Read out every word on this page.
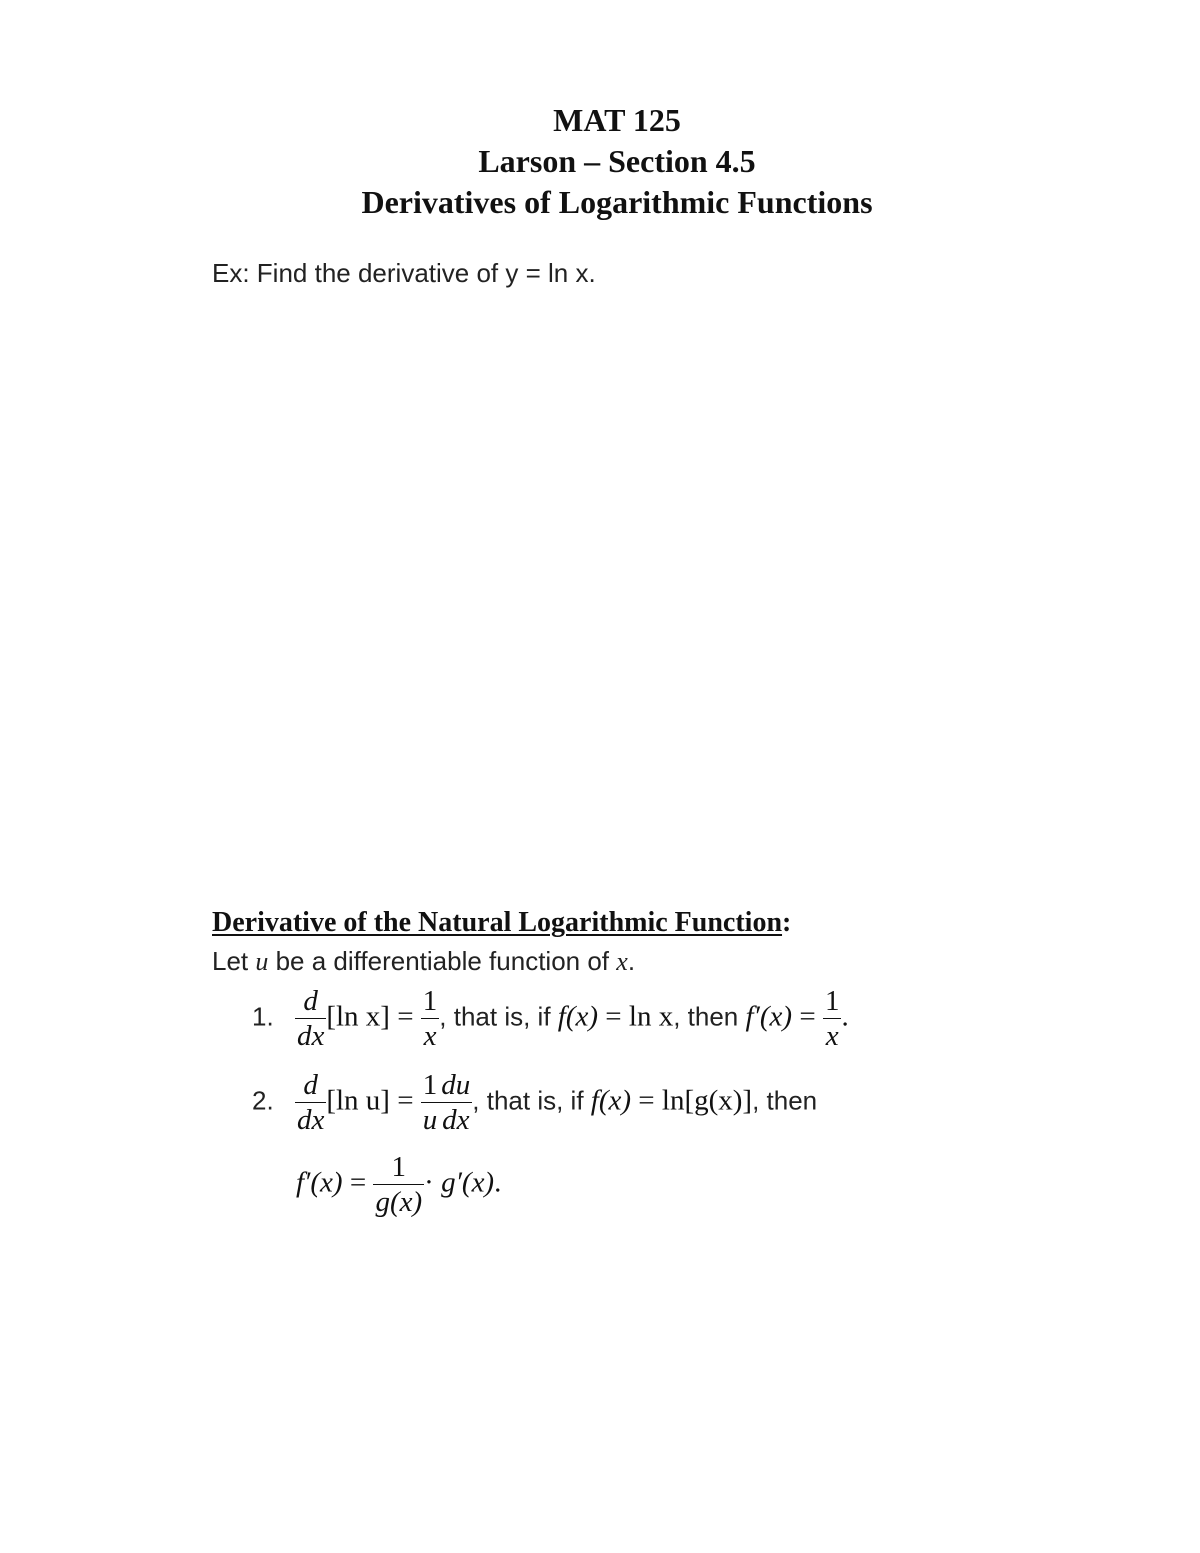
MAT 125
Larson – Section 4.5
Derivatives of Logarithmic Functions
Ex: Find the derivative of y = ln x.
Derivative of the Natural Logarithmic Function:
Let u be a differentiable function of x.
1. $\frac{d}{dx} [\ln$ $x] = \frac{1}{x}$ , that is, if f(x) = ln x, then $f'(x) = \frac{1}{x}$ .
2. $\frac{d}{dx} [\ln$ $u] = \frac{1}{u} \frac{du}{dx}$ , that is, if f(x) = ln[g(x)], then
$f'(x) = \frac{1}{g(x)} \cdot g'(x)$.
